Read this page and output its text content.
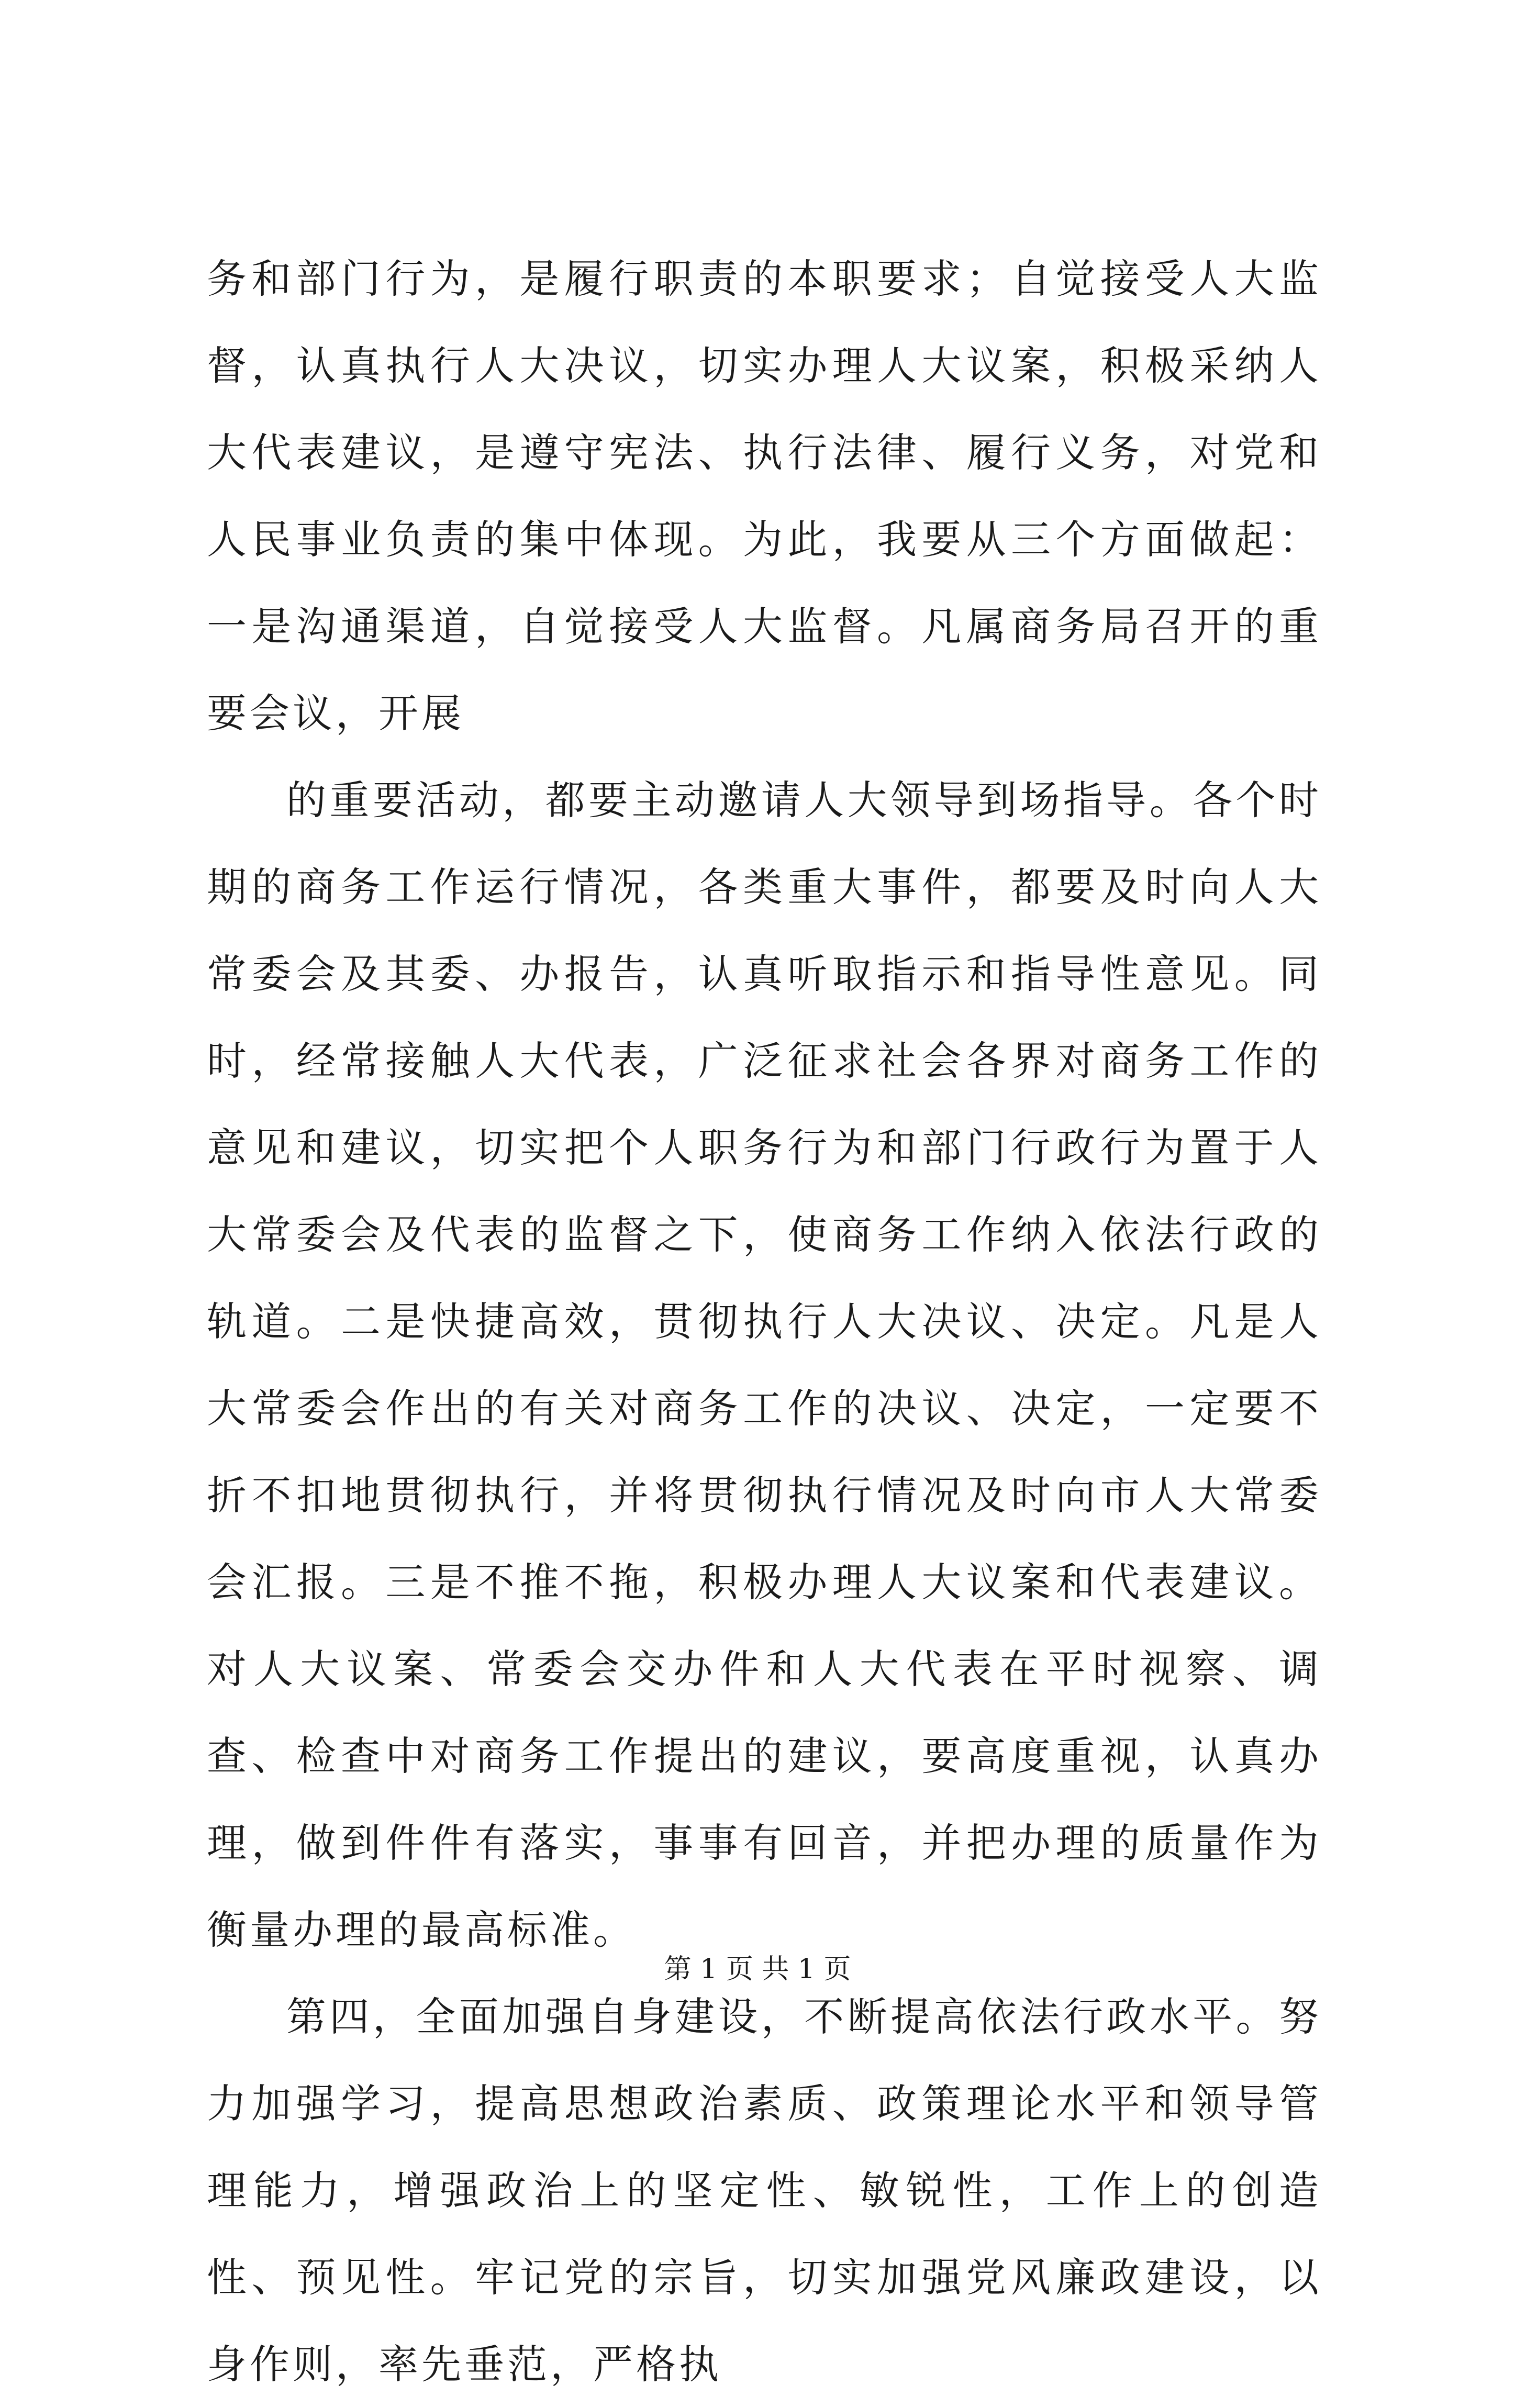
务和部门行为，是履行职责的本职要求；自觉接受人大监督，认真执行人大决议，切实办理人大议案，积极采纳人大代表建议，是遵守宪法、执行法律、履行义务，对党和人民事业负责的集中体现。为此，我要从三个方面做起：一是沟通渠道，自觉接受人大监督。凡属商务局召开的重要会议，开展

的重要活动，都要主动邀请人大领导到场指导。各个时期的商务工作运行情况，各类重大事件，都要及时向人大常委会及其委、办报告，认真听取指示和指导性意见。同时，经常接触人大代表，广泛征求社会各界对商务工作的意见和建议，切实把个人职务行为和部门行政行为置于人大常委会及代表的监督之下，使商务工作纳入依法行政的轨道。二是快捷高效，贯彻执行人大决议、决定。凡是人大常委会作出的有关对商务工作的决议、决定，一定要不折不扣地贯彻执行，并将贯彻执行情况及时向市人大常委会汇报。三是不推不拖，积极办理人大议案和代表建议。对人大议案、常委会交办件和人大代表在平时视察、调查、检查中对商务工作提出的建议，要高度重视，认真办理，做到件件有落实，事事有回音，并把办理的质量作为衡量办理的最高标准。

第四，全面加强自身建设，不断提高依法行政水平。努力加强学习，提高思想政治素质、政策理论水平和领导管理能力，增强政治上的坚定性、敏锐性，工作上的创造性、预见性。牢记党的宗旨，切实加强党风廉政建设，以身作则，率先垂范，严格执

第 1 页 共 1 页
